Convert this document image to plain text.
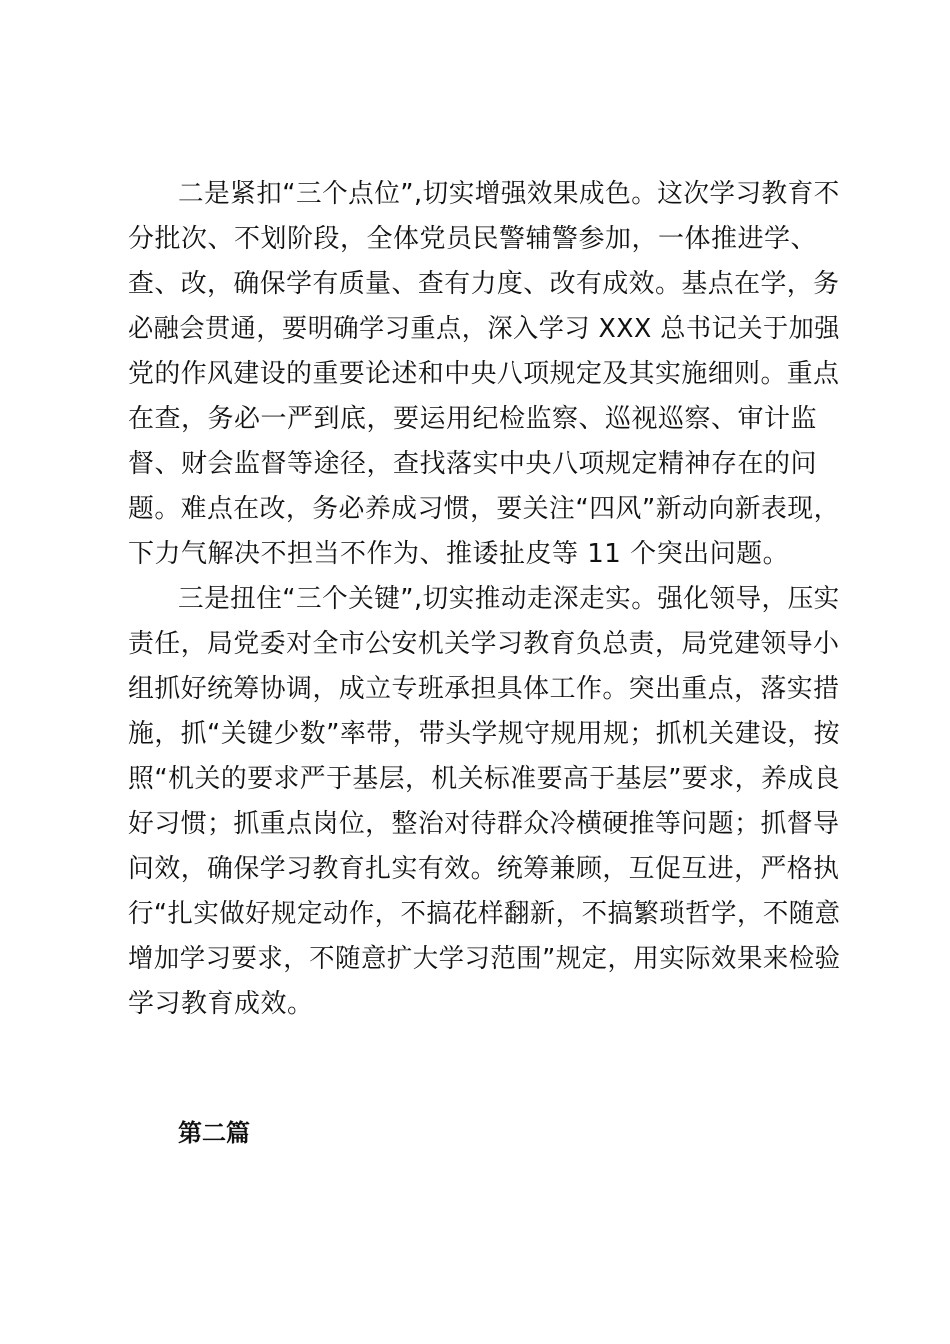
二是紧扣“三个点位”,切实增强效果成色。这次学习教育不
分批次、不划阶段，全体党员民警辅警参加，一体推进学、
查、改，确保学有质量、查有力度、改有成效。基点在学，务
必融会贯通，要明确学习重点，深入学习 XXX 总书记关于加强
党的作风建设的重要论述和中央八项规定及其实施细则。重点
在查，务必一严到底，要运用纪检监察、巡视巡察、审计监
督、财会监督等途径，查找落实中央八项规定精神存在的问
题。难点在改，务必养成习惯，要关注“四风”新动向新表现，
下力气解决不担当不作为、推诿扯皮等 11 个突出问题。
三是扭住“三个关键”,切实推动走深走实。强化领导，压实
责任，局党委对全市公安机关学习教育负总责，局党建领导小
组抓好统筹协调，成立专班承担具体工作。突出重点，落实措
施，抓“关键少数”率带，带头学规守规用规；抓机关建设，按
照“机关的要求严于基层，机关标准要高于基层”要求，养成良
好习惯；抓重点岗位，整治对待群众冷横硬推等问题；抓督导
问效，确保学习教育扎实有效。统筹兼顾，互促互进，严格执
行“扎实做好规定动作，不搞花样翻新，不搞繁琐哲学，不随意
增加学习要求，不随意扩大学习范围”规定，用实际效果来检验
学习教育成效。
第二篇
